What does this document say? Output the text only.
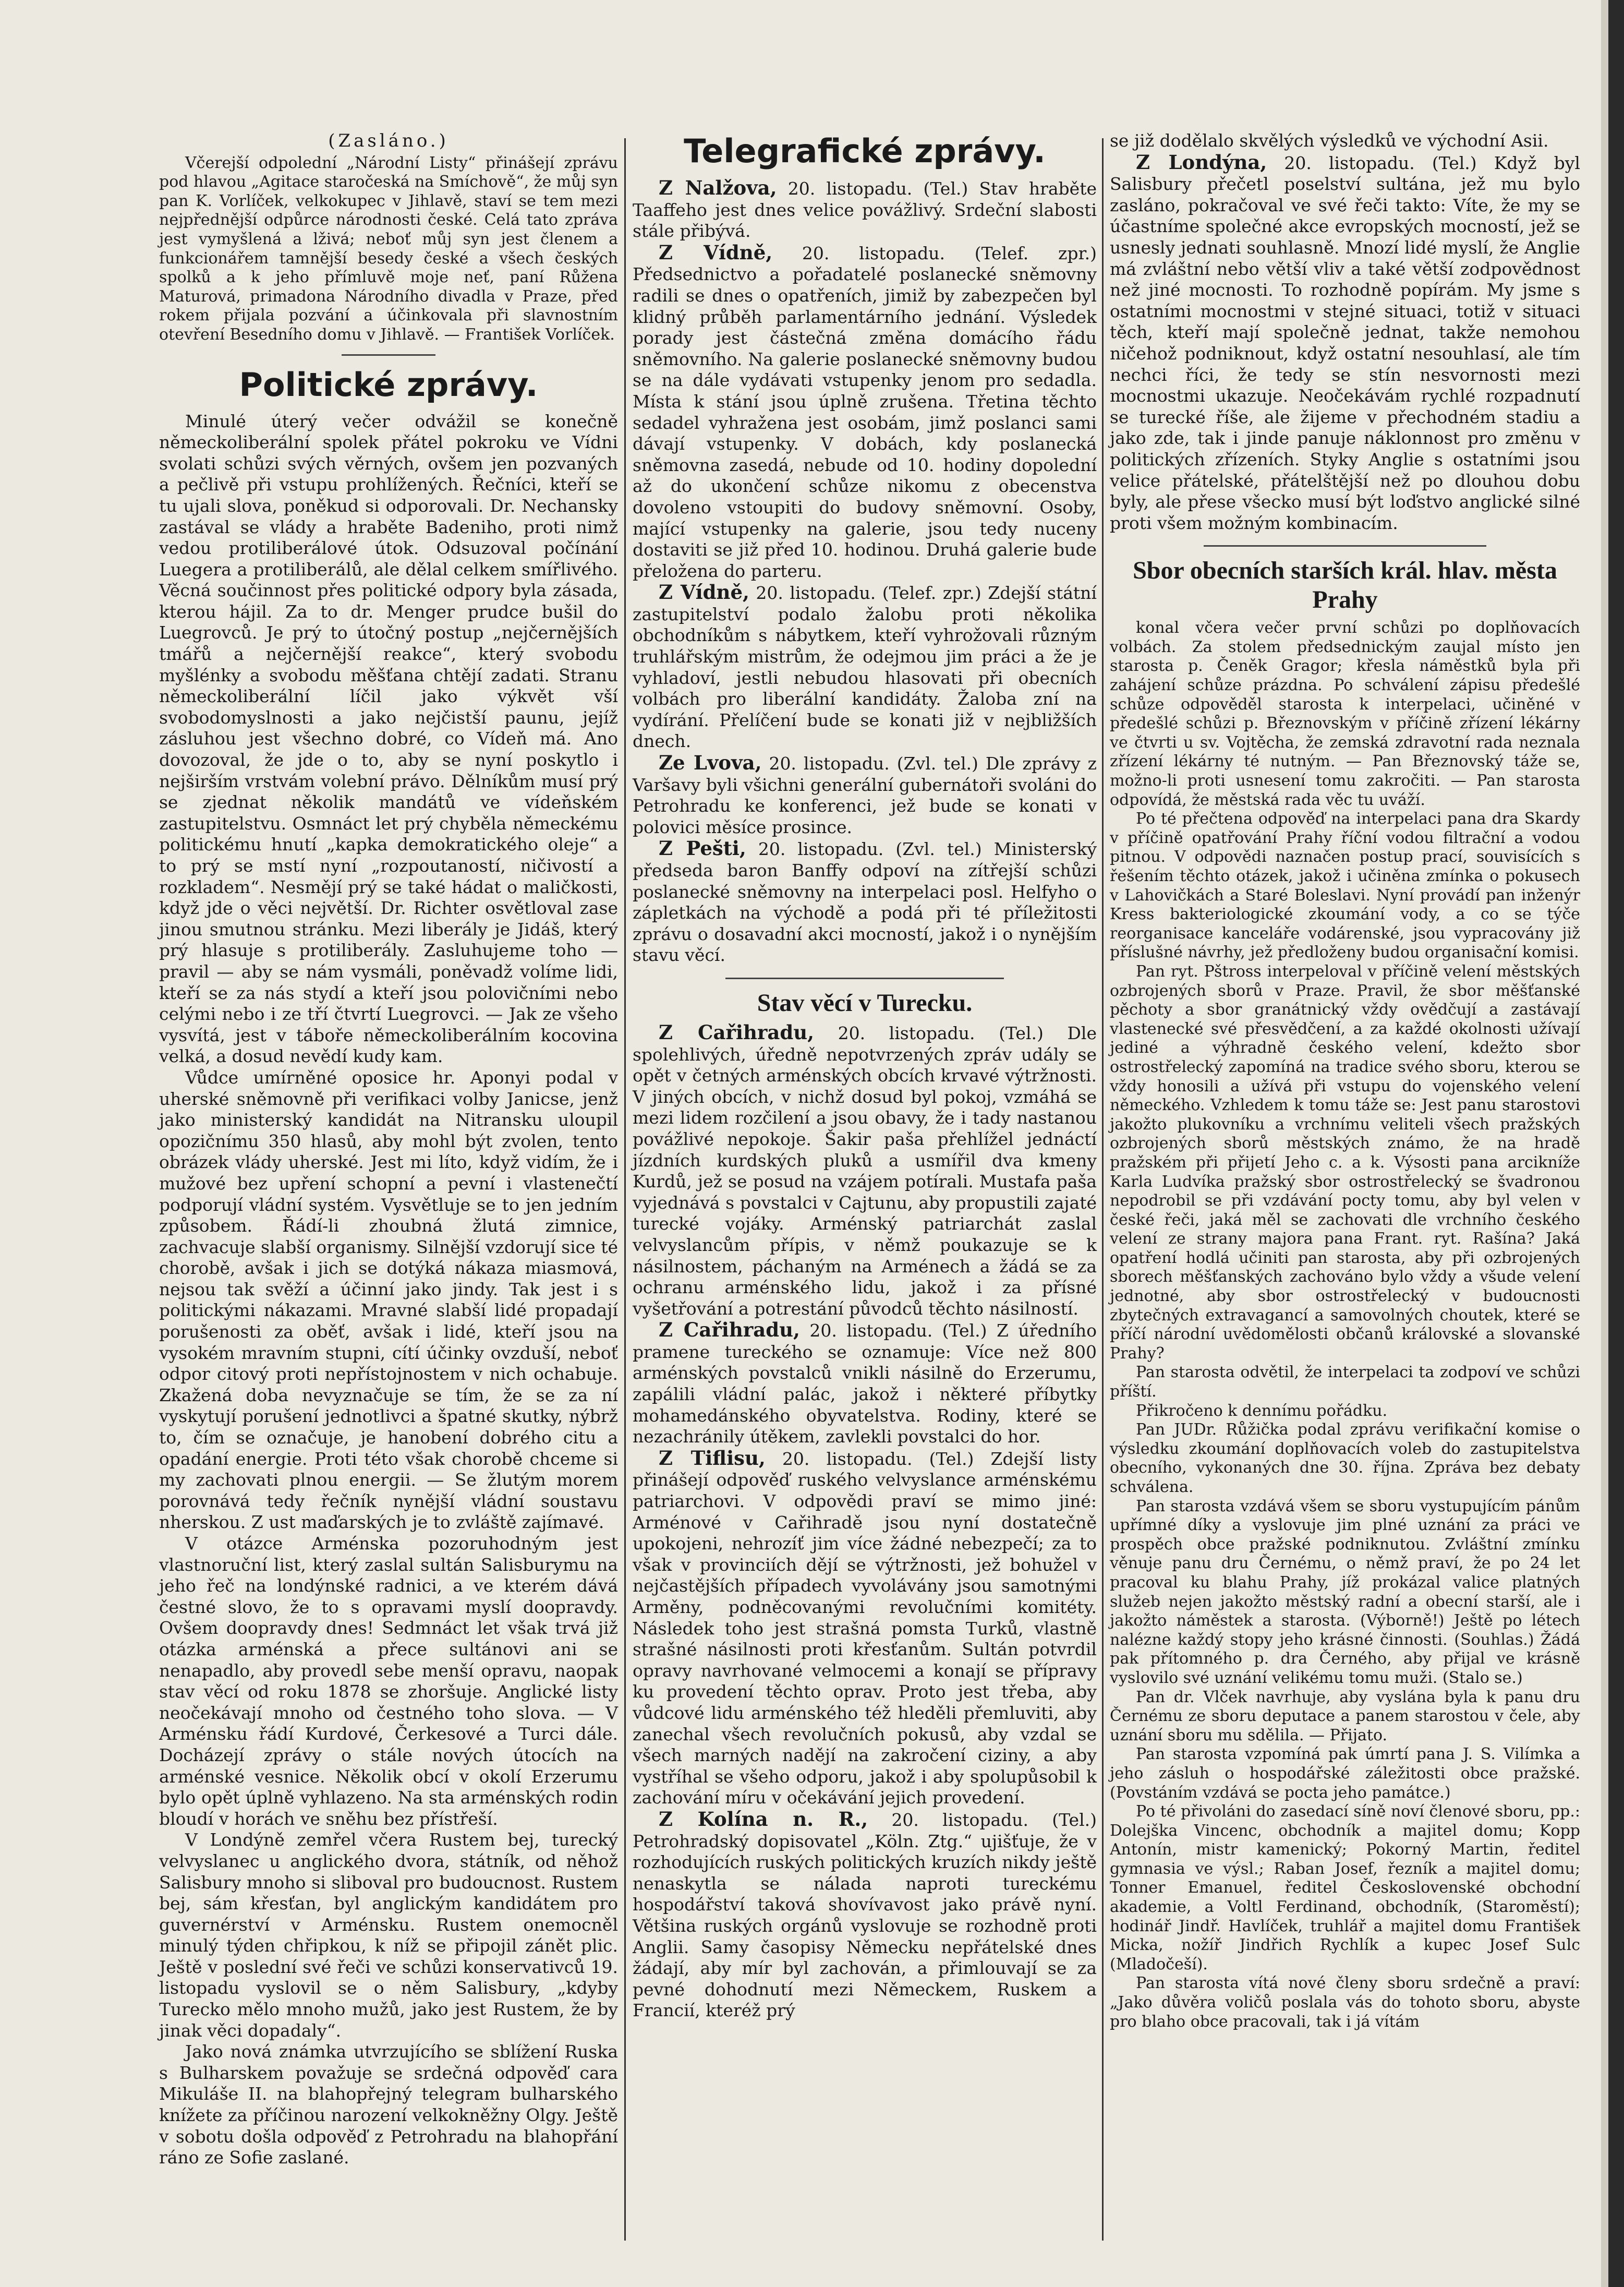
(Zasláno.)

Včerejší odpolední „Národní Listy“ přinášejí zprávu pod hlavou „Agitace staročeská na Smíchově“, že můj syn pan K. Vorlíček, velkokupec v Jihlavě, staví se tem mezi nejpřednější odpůrce národnosti české. Celá tato zpráva jest vymyšlená a lživá; neboť můj syn jest členem a funkcionářem tamnější besedy české a všech českých spolků a k jeho přímluvě moje neť, paní Růžena Maturová, primadona Národního divadla v Praze, před rokem přijala pozvání a účinkovala při slavnostním otevření Besedního domu v Jihlavě. — František Vorlíček.

Politické zprávy.

Minulé úterý večer odvážil se konečně německoliberální spolek přátel pokroku ve Vídni svolati schůzi svých věrných, ovšem jen pozvaných a pečlivě při vstupu prohlížených. Řečníci, kteří se tu ujali slova, poněkud si odporovali. Dr. Nechansky zastával se vlády a hraběte Badeniho, proti nimž vedou protiliberálové útok. Odsuzoval počínání Luegera a protiliberálů, ale dělal celkem smířlivého. Věcná součinnost přes politické odpory byla zásada, kterou hájil. Za to dr. Menger prudce bušil do Luegrovců. Je prý to útočný postup „nejčernějších tmářů a nejčernější reakce“, který svobodu myšlénky a svobodu měšťana chtějí zadati. Stranu německoliberální líčil jako výkvět vší svobodomyslnosti a jako nejčistší paunu, jejíž zásluhou jest všechno dobré, co Vídeň má. Ano dovozoval, že jde o to, aby se nyní poskytlo i nejširším vrstvám volební právo. Dělníkům musí prý se zjednat několik mandátů ve vídeňském zastupitelstvu. Osmnáct let prý chyběla německému politickému hnutí „kapka demokratického oleje“ a to prý se mstí nyní „rozpoutaností, ničivostí a rozkladem“. Nesmějí prý se také hádat o maličkosti, když jde o věci největší. Dr. Richter osvětloval zase jinou smutnou stránku. Mezi liberály je Jidáš, který prý hlasuje s protiliberály. Zasluhujeme toho — pravil — aby se nám vysmáli, poněvadž volíme lidi, kteří se za nás stydí a kteří jsou polovičními nebo celými nebo i ze tří čtvrtí Luegrovci. — Jak ze všeho vysvítá, jest v táboře německoliberálním kocovina velká, a dosud nevědí kudy kam.

Vůdce umírněné oposice hr. Aponyi podal v uherské sněmovně při verifikaci volby Janicse, jenž jako ministerský kandidát na Nitransku uloupil opozičnímu 350 hlasů, aby mohl být zvolen, tento obrázek vlády uherské. Jest mi líto, když vidím, že i mužové bez upření schopní a pevní i vlastenečtí podporují vládní systém. Vysvětluje se to jen jedním způsobem. Řádí-li zhoubná žlutá zimnice, zachvacuje slabší organismy. Silnější vzdorují sice té chorobě, avšak i jich se dotýká nákaza miasmová, nejsou tak svěží a účinní jako jindy. Tak jest i s politickými nákazami. Mravné slabší lidé propadají porušenosti za oběť, avšak i lidé, kteří jsou na vysokém mravním stupni, cítí účinky ovzduší, neboť odpor citový proti nepřístojnostem v nich ochabuje. Zkažená doba nevyznačuje se tím, že se za ní vyskytují porušení jednotlivci a špatné skutky, nýbrž to, čím se označuje, je hanobení dobrého citu a opadání energie. Proti této však chorobě chceme si my zachovati plnou energii. — Se žlutým morem porovnává tedy řečník nynější vládní soustavu nherskou. Z ust maďarských je to zvláště zajímavé.

V otázce Arménska pozoruhodným jest vlastnoruční list, který zaslal sultán Salisburymu na jeho řeč na londýnské radnici, a ve kterém dává čestné slovo, že to s opravami myslí doopravdy. Ovšem doopravdy dnes! Sedmnáct let však trvá již otázka arménská a přece sultánovi ani se nenapadlo, aby provedl sebe menší opravu, naopak stav věcí od roku 1878 se zhoršuje. Anglické listy neočekávají mnoho od čestného toho slova. — V Arménsku řádí Kurdové, Čerkesové a Turci dále. Docházejí zprávy o stále nových útocích na arménské vesnice. Několik obcí v okolí Erzerumu bylo opět úplně vyhlazeno. Na sta arménských rodin bloudí v horách ve sněhu bez přístřeší.

V Londýně zemřel včera Rustem bej, turecký velvyslanec u anglického dvora, státník, od něhož Salisbury mnoho si sliboval pro budoucnost. Rustem bej, sám křesťan, byl anglickým kandidátem pro guvernérství v Arménsku. Rustem onemocněl minulý týden chřipkou, k níž se připojil zánět plic. Ještě v poslední své řeči ve schůzi konservativců 19. listopadu vyslovil se o něm Salisbury, „kdyby Turecko mělo mnoho mužů, jako jest Rustem, že by jinak věci dopadaly“.

Jako nová známka utvrzujícího se sblížení Ruska s Bulharskem považuje se srdečná odpověď cara Mikuláše II. na blahopřejný telegram bulharského knížete za příčinou narození velkokněžny Olgy. Ještě v sobotu došla odpověď z Petrohradu na blahopřání ráno ze Sofie zaslané.

Telegrafické zprávy.

Z Nalžova, 20. listopadu. (Tel.) Stav hraběte Taaffeho jest dnes velice povážlivý. Srdeční slabosti stále přibývá.

Z Vídně, 20. listopadu. (Telef. zpr.) Předsednictvo a pořadatelé poslanecké sněmovny radili se dnes o opatřeních, jimiž by zabezpečen byl klidný průběh parlamentárního jednání. Výsledek porady jest částečná změna domácího řádu sněmovního. Na galerie poslanecké sněmovny budou se na dále vydávati vstupenky jenom pro sedadla. Místa k stání jsou úplně zrušena. Třetina těchto sedadel vyhražena jest osobám, jimž poslanci sami dávají vstupenky. V dobách, kdy poslanecká sněmovna zasedá, nebude od 10. hodiny dopolední až do ukončení schůze nikomu z obecenstva dovoleno vstoupiti do budovy sněmovní. Osoby, mající vstupenky na galerie, jsou tedy nuceny dostaviti se již před 10. hodinou. Druhá galerie bude přeložena do parteru.

Z Vídně, 20. listopadu. (Telef. zpr.) Zdejší státní zastupitelství podalo žalobu proti několika obchodníkům s nábytkem, kteří vyhrožovali různým truhlářským mistrům, že odejmou jim práci a že je vyhladoví, jestli nebudou hlasovati při obecních volbách pro liberální kandidáty. Žaloba zní na vydírání. Přelíčení bude se konati již v nejbližších dnech.

Ze Lvova, 20. listopadu. (Zvl. tel.) Dle zprávy z Varšavy byli všichni generální gubernátoři svoláni do Petrohradu ke konferenci, jež bude se konati v polovici měsíce prosince.

Z Pešti, 20. listopadu. (Zvl. tel.) Ministerský předseda baron Banffy odpoví na zítřejší schůzi poslanecké sněmovny na interpelaci posl. Helfyho o zápletkách na východě a podá při té příležitosti zprávu o dosavadní akci mocností, jakož i o nynějším stavu věcí.

Stav věcí v Turecku.

Z Cařihradu, 20. listopadu. (Tel.) Dle spolehlivých, úředně nepotvrzených zpráv udály se opět v četných arménských obcích krvavé výtržnosti. V jiných obcích, v nichž dosud byl pokoj, vzmáhá se mezi lidem rozčilení a jsou obavy, že i tady nastanou povážlivé nepokoje. Šakir paša přehlížel jednáctí jízdních kurdských pluků a usmířil dva kmeny Kurdů, jež se posud na vzájem potírali. Mustafa paša vyjednává s povstalci v Cajtunu, aby propustili zajaté turecké vojáky. Arménský patriarchát zaslal velvyslancům přípis, v němž poukazuje se k násilnostem, páchaným na Arménech a žádá se za ochranu arménského lidu, jakož i za přísné vyšetřování a potrestání původců těchto násilností.

Z Cařihradu, 20. listopadu. (Tel.) Z úředního pramene tureckého se oznamuje: Více než 800 arménských povstalců vnikli násilně do Erzerumu, zapálili vládní palác, jakož i některé příbytky mohamedánského obyvatelstva. Rodiny, které se nezachránily útěkem, zavlekli povstalci do hor.

Z Tiflisu, 20. listopadu. (Tel.) Zdejší listy přinášejí odpověď ruského velvyslance arménskému patriarchovi. V odpovědi praví se mimo jiné: Arménové v Cařihradě jsou nyní dostatečně upokojeni, nehrozíť jim více žádné nebezpečí; za to však v provinciích dějí se výtržnosti, jež bohužel v nejčastějších případech vyvolávány jsou samotnými Arměny, podněcovanými revolučními komitéty. Následek toho jest strašná pomsta Turků, vlastně strašné násilnosti proti křesťanům. Sultán potvrdil opravy navrhované velmocemi a konají se přípravy ku provedení těchto oprav. Proto jest třeba, aby vůdcové lidu arménského též hleděli přemluviti, aby zanechal všech revolučních pokusů, aby vzdal se všech marných nadějí na zakročení ciziny, a aby vystříhal se všeho odporu, jakož i aby spolupůsobil k zachování míru v očekávání jejich provedení.

Z Kolína n. R., 20. listopadu. (Tel.) Petrohradský dopisovatel „Köln. Ztg.“ ujišťuje, že v rozhodujících ruských politických kruzích nikdy ještě nenaskytla se nálada naproti tureckému hospodářství taková shovívavost jako právě nyní. Většina ruských orgánů vyslovuje se rozhodně proti Anglii. Samy časopisy Německu nepřátelské dnes žádají, aby mír byl zachován, a přimlouvají se za pevné dohodnutí mezi Německem, Ruskem a Francií, kteréž prý

se již dodělalo skvělých výsledků ve východní Asii.

Z Londýna, 20. listopadu. (Tel.) Když byl Salisbury přečetl poselství sultána, jež mu bylo zasláno, pokračoval ve své řeči takto: Víte, že my se účastníme společné akce evropských mocností, jež se usnesly jednati souhlasně. Mnozí lidé myslí, že Anglie má zvláštní nebo větší vliv a také větší zodpovědnost než jiné mocnosti. To rozhodně popírám. My jsme s ostatními mocnostmi v stejné situaci, totiž v situaci těch, kteří mají společně jednat, takže nemohou ničehož podniknout, když ostatní nesouhlasí, ale tím nechci říci, že tedy se stín nesvornosti mezi mocnostmi ukazuje. Neočekávám rychlé rozpadnutí se turecké říše, ale žijeme v přechodném stadiu a jako zde, tak i jinde panuje náklonnost pro změnu v politických zřízeních. Styky Anglie s ostatními jsou velice přátelské, přátelštější než po dlouhou dobu byly, ale přese všecko musí být loďstvo anglické silné proti všem možným kombinacím.

Sbor obecních starších král. hlav. města Prahy

konal včera večer první schůzi po doplňovacích volbách. Za stolem předsednickým zaujal místo jen starosta p. Čeněk Gragor; křesla náměstků byla při zahájení schůze prázdna. Po schválení zápisu předešlé schůze odpověděl starosta k interpelaci, učiněné v předešlé schůzi p. Březnovským v příčině zřízení lékárny ve čtvrti u sv. Vojtěcha, že zemská zdravotní rada neznala zřízení lékárny té nutným. — Pan Březnovský táže se, možno-li proti usnesení tomu zakročiti. — Pan starosta odpovídá, že městská rada věc tu uváží.

Po té přečtena odpověď na interpelaci pana dra Skardy v příčině opatřování Prahy říční vodou filtrační a vodou pitnou. V odpovědi naznačen postup prací, souvisících s řešením těchto otázek, jakož i učiněna zmínka o pokusech v Lahovičkách a Staré Boleslavi. Nyní provádí pan inženýr Kress bakteriologické zkoumání vody, a co se týče reorganisace kanceláře vodárenské, jsou vypracovány již příslušné návrhy, jež předloženy budou organisační komisi.

Pan ryt. Pštross interpeloval v příčině velení městských ozbrojených sborů v Praze. Pravil, že sbor měšťanské pěchoty a sbor granátnický vždy ovědčují a zastávají vlastenecké své přesvědčení, a za každé okolnosti užívají jediné a výhradně českého velení, kdežto sbor ostrostřelecký zapomíná na tradice svého sboru, kterou se vždy honosili a užívá při vstupu do vojenského velení německého. Vzhledem k tomu táže se: Jest panu starostovi jakožto plukovníku a vrchnímu veliteli všech pražských ozbrojených sborů městských známo, že na hradě pražském při přijetí Jeho c. a k. Výsosti pana arcikníže Karla Ludvíka pražský sbor ostrostřelecký se švadronou nepodrobil se při vzdávání pocty tomu, aby byl velen v české řeči, jaká měl se zachovati dle vrchního českého velení ze strany majora pana Frant. ryt. Rašína? Jaká opatření hodlá učiniti pan starosta, aby při ozbrojených sborech měšťanských zachováno bylo vždy a všude velení jednotné, aby sbor ostrostřelecký v budoucnosti zbytečných extravagancí a samovolných choutek, které se příčí národní uvědomělosti občanů královské a slovanské Prahy?

Pan starosta odvětil, že interpelaci ta zodpoví ve schůzi příští.

Přikročeno k dennímu pořádku.

Pan JUDr. Růžička podal zprávu verifikační komise o výsledku zkoumání doplňovacích voleb do zastupitelstva obecního, vykonaných dne 30. října. Zpráva bez debaty schválena.

Pan starosta vzdává všem se sboru vystupujícím pánům upřímné díky a vyslovuje jim plné uznání za práci ve prospěch obce pražské podniknutou. Zvláštní zmínku věnuje panu dru Černému, o němž praví, že po 24 let pracoval ku blahu Prahy, jíž prokázal valice platných služeb nejen jakožto městský radní a obecní starší, ale i jakožto náměstek a starosta. (Výborně!) Ještě po létech nalézne každý stopy jeho krásné činnosti. (Souhlas.) Žádá pak přítomného p. dra Černého, aby přijal ve krásně vyslovilo své uznání velikému tomu muži. (Stalo se.)

Pan dr. Vlček navrhuje, aby vyslána byla k panu dru Černému ze sboru deputace a panem starostou v čele, aby uznání sboru mu sdělila. — Přijato.

Pan starosta vzpomíná pak úmrtí pana J. S. Vilímka a jeho zásluh o hospodářské záležitosti obce pražské. (Povstáním vzdává se pocta jeho památce.)

Po té přivoláni do zasedací síně noví členové sboru, pp.: Dolejška Vincenc, obchodník a majitel domu; Kopp Antonín, mistr kamenický; Pokorný Martin, ředitel gymnasia ve výsl.; Raban Josef, řezník a majitel domu; Tonner Emanuel, ředitel Československé obchodní akademie, a Voltl Ferdinand, obchodník, (Staroměstí); hodinář Jindř. Havlíček, truhlář a majitel domu František Micka, nožíř Jindřich Rychlík a kupec Josef Sulc (Mladočeší).

Pan starosta vítá nové členy sboru srdečně a praví: „Jako důvěra voličů poslala vás do tohoto sboru, abyste pro blaho obce pracovali, tak i já vítám
